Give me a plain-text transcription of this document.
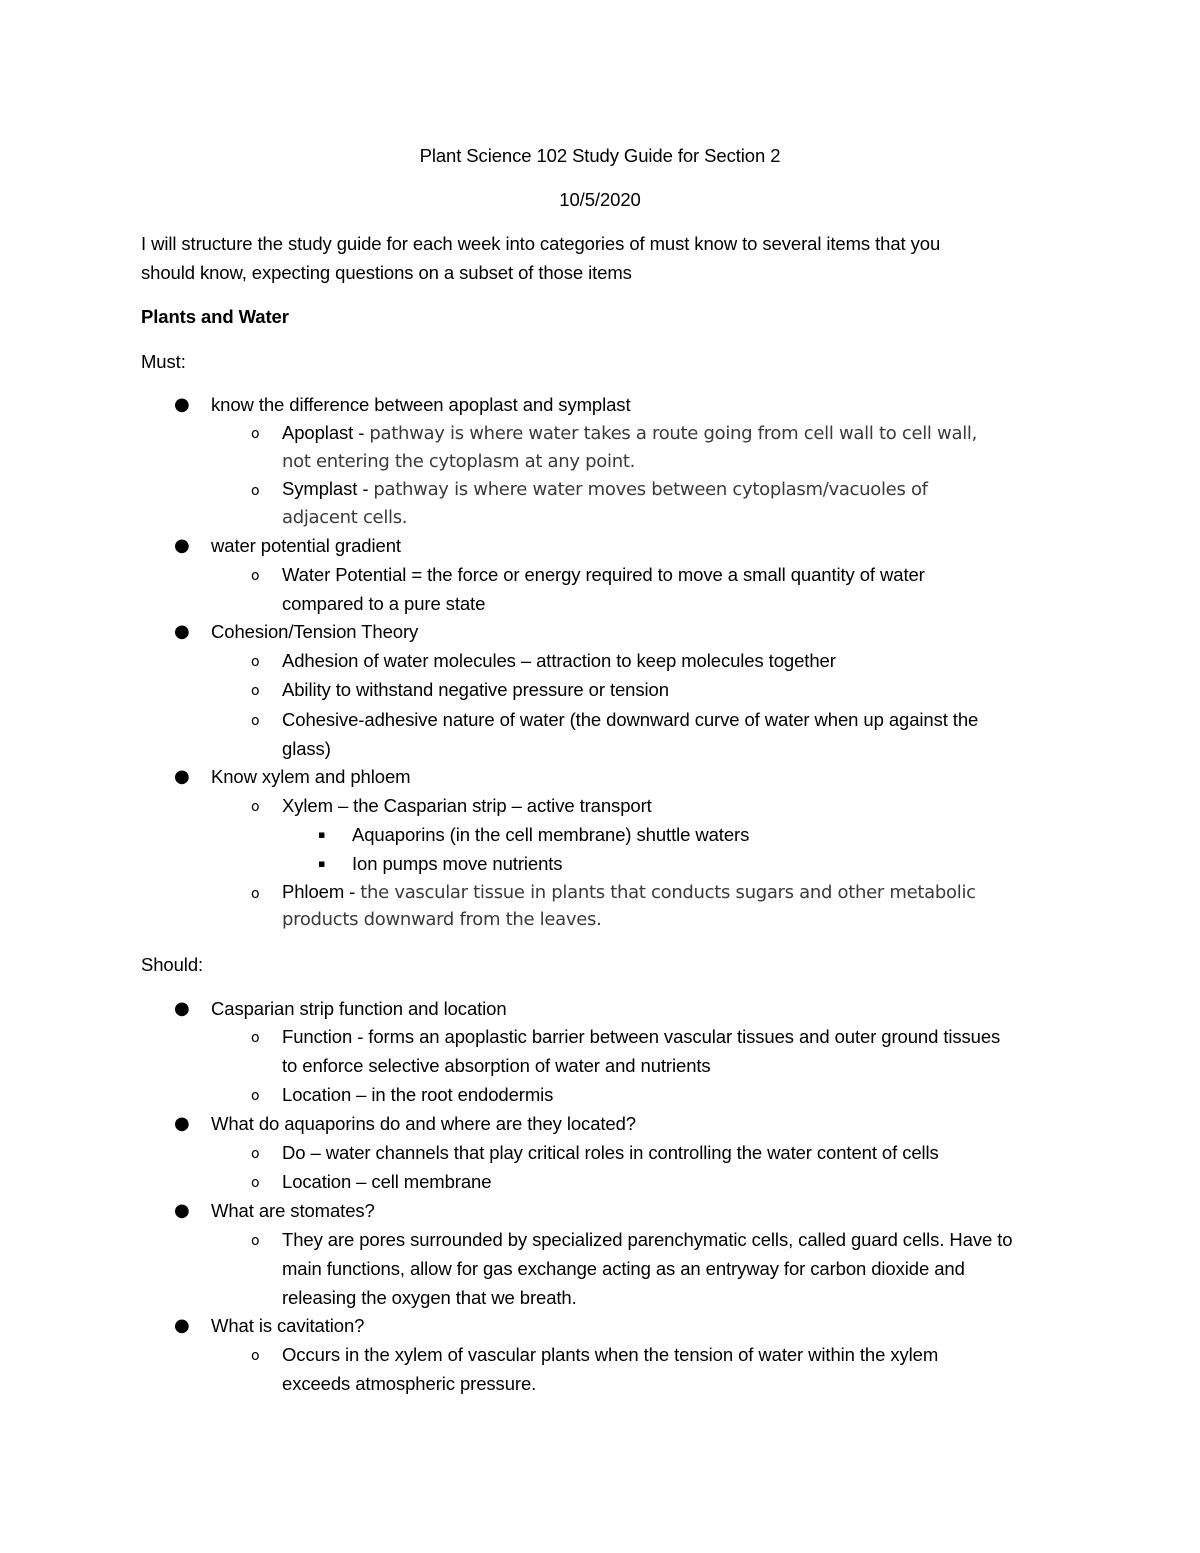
Plant Science 102 Study Guide for Section 2
10/5/2020
I will structure the study guide for each week into categories of must know to several items that you
should know, expecting questions on a subset of those items
Plants and Water
Must:
● know the difference between apoplast and symplast
o Apoplast - pathway is where water takes a route going from cell wall to cell wall,
not entering the cytoplasm at any point.
o Symplast - pathway is where water moves between cytoplasm/vacuoles of
adjacent cells.
● water potential gradient
o Water Potential = the force or energy required to move a small quantity of water
compared to a pure state
● Cohesion/Tension Theory
o Adhesion of water molecules – attraction to keep molecules together
o Ability to withstand negative pressure or tension
o Cohesive-adhesive nature of water (the downward curve of water when up against the
glass)
● Know xylem and phloem
o Xylem – the Casparian strip – active transport
▪ Aquaporins (in the cell membrane) shuttle waters
▪ Ion pumps move nutrients
o Phloem - the vascular tissue in plants that conducts sugars and other metabolic
products downward from the leaves.
Should:
● Casparian strip function and location
o Function - forms an apoplastic barrier between vascular tissues and outer ground tissues
to enforce selective absorption of water and nutrients
o Location – in the root endodermis
● What do aquaporins do and where are they located?
o Do – water channels that play critical roles in controlling the water content of cells
o Location – cell membrane
● What are stomates?
o They are pores surrounded by specialized parenchymatic cells, called guard cells. Have to
main functions, allow for gas exchange acting as an entryway for carbon dioxide and
releasing the oxygen that we breath.
● What is cavitation?
o Occurs in the xylem of vascular plants when the tension of water within the xylem
exceeds atmospheric pressure.
